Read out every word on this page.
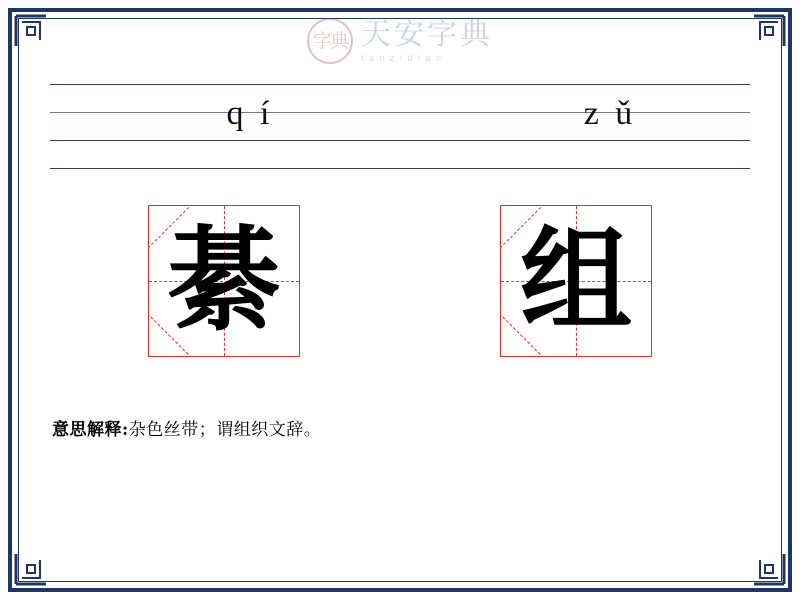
字典 天安字典
tanzidian
q í	z ǔ
綦 组
意思解释:杂色丝带；谓组织文辞。
